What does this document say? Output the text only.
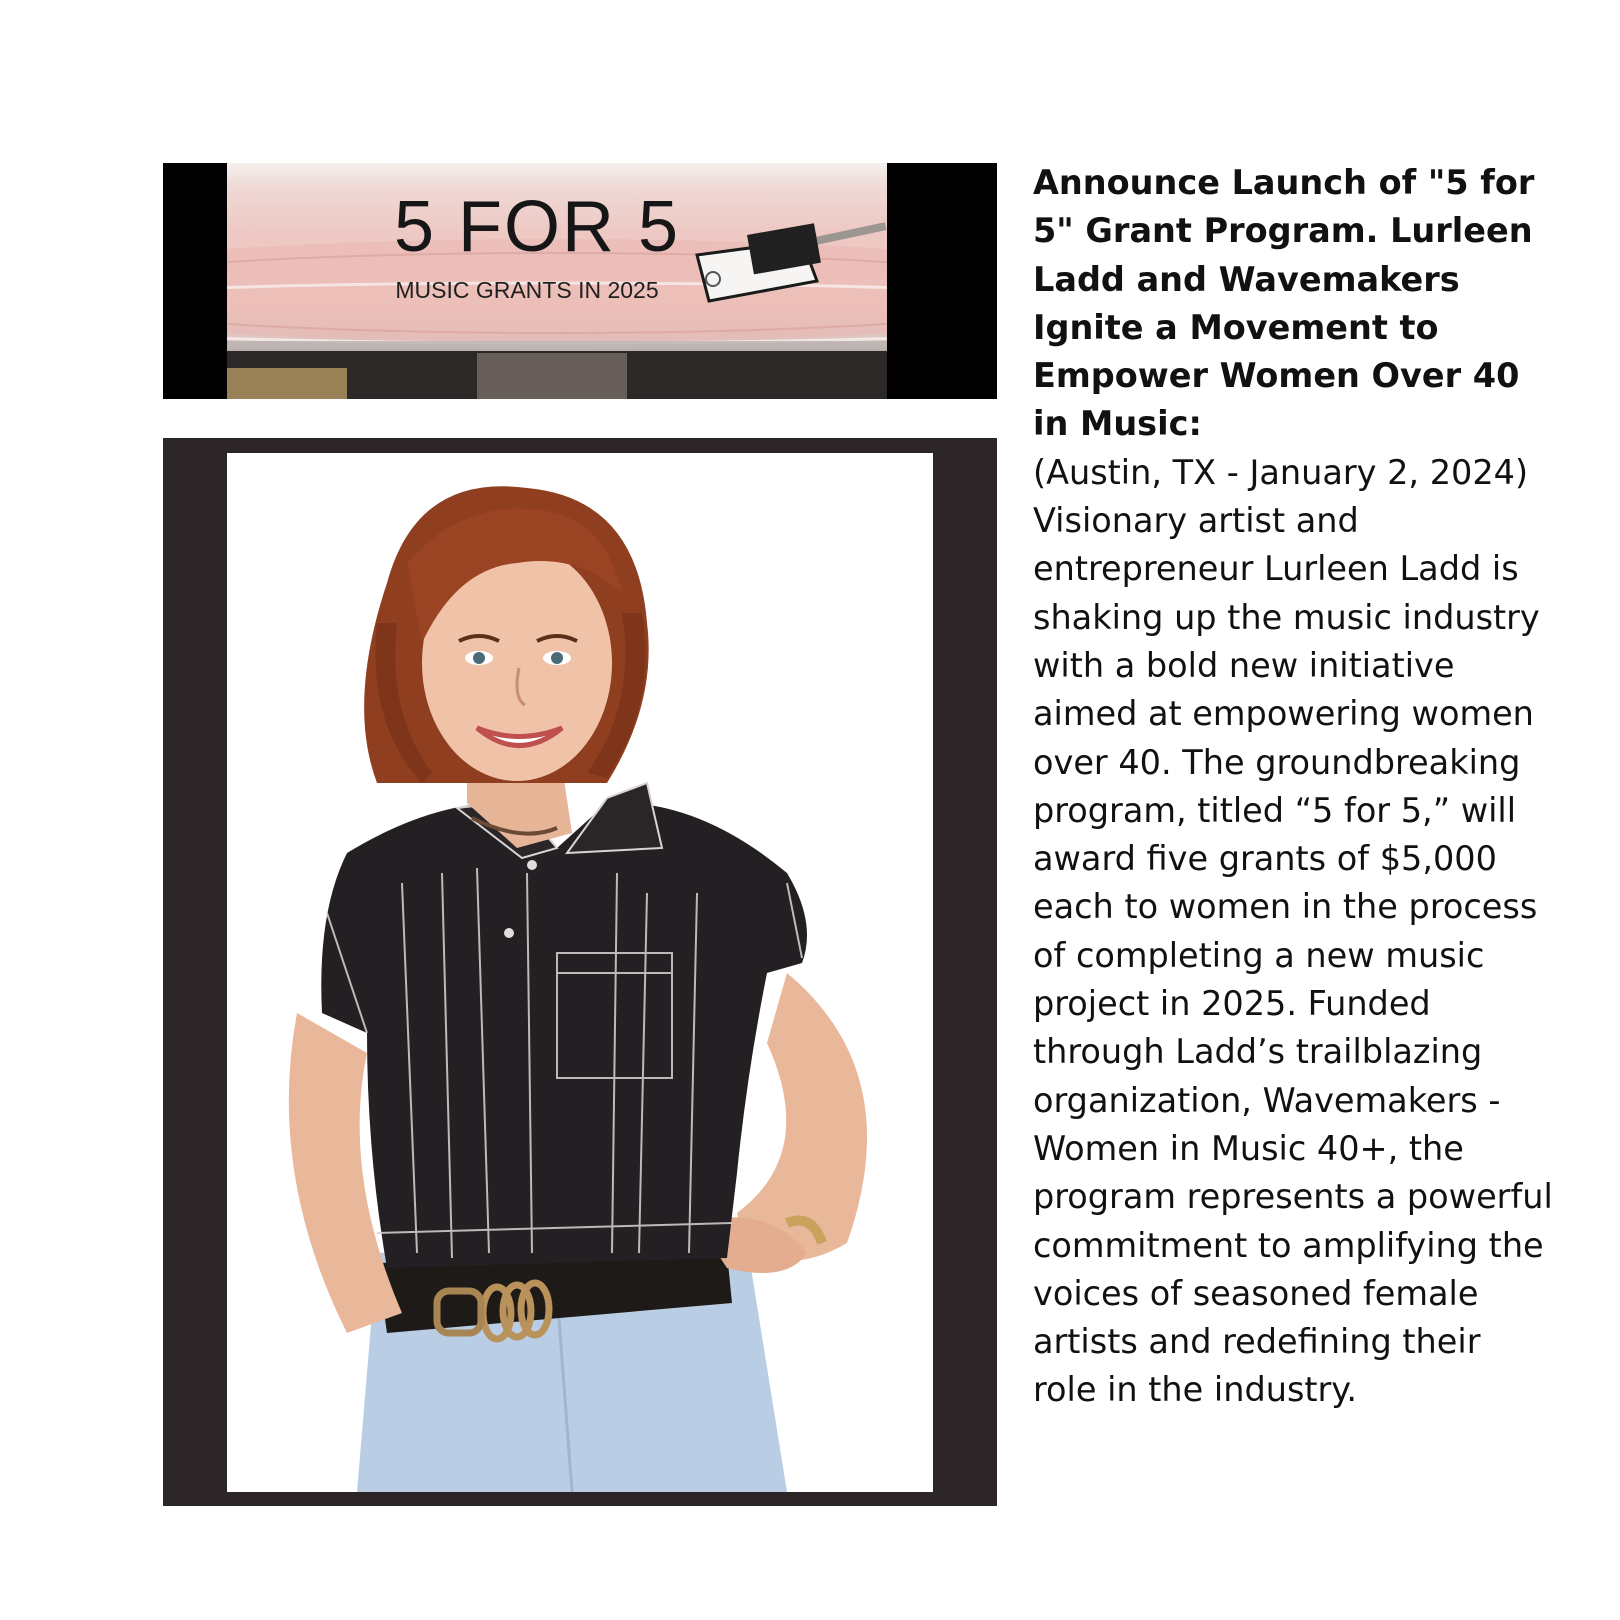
5 FOR 5
MUSIC GRANTS IN 2025

Announce Launch of "5 for 5" Grant Program. Lurleen Ladd and Wavemakers Ignite a Movement to Empower Women Over 40 in Music:

(Austin, TX - January 2, 2024) Visionary artist and entrepreneur Lurleen Ladd is shaking up the music industry with a bold new initiative aimed at empowering women over 40. The groundbreaking program, titled “5 for 5,” will award five grants of $5,000 each to women in the process of completing a new music project in 2025. Funded through Ladd’s trailblazing organization, Wavemakers - Women in Music 40+, the program represents a powerful commitment to amplifying the voices of seasoned female artists and redefining their role in the industry.
